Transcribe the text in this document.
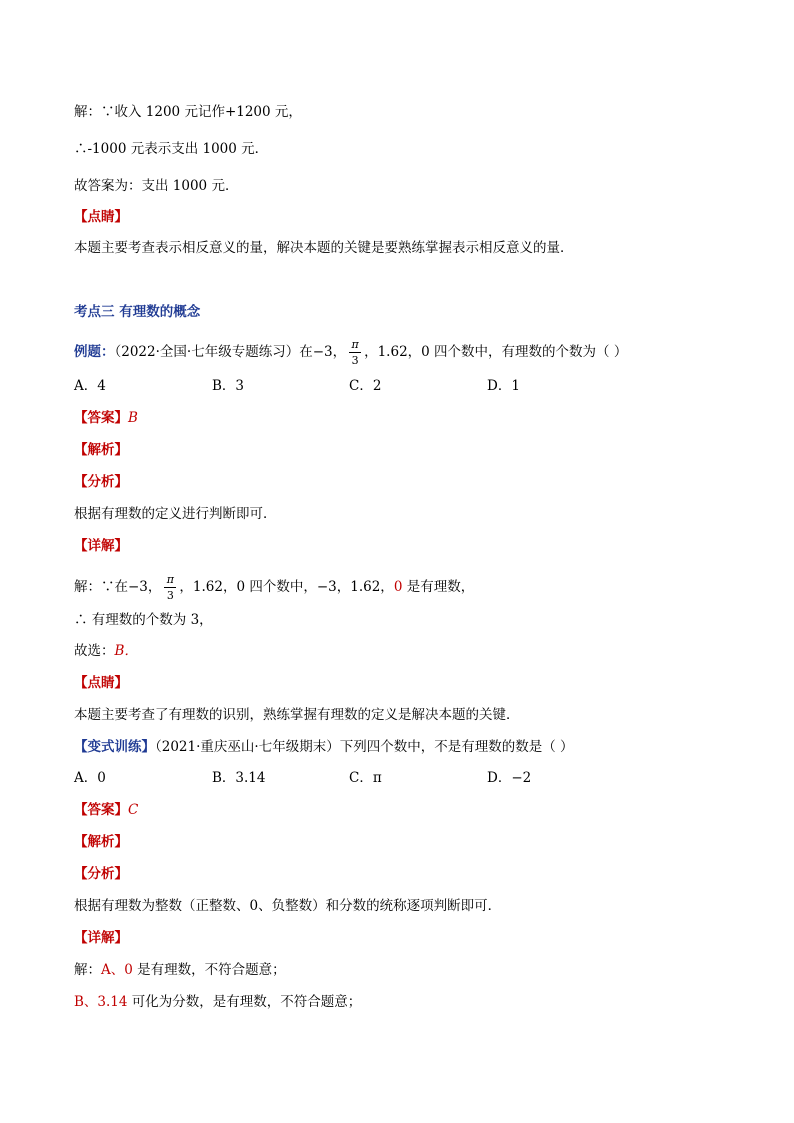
解：∵收入 1200 元记作+1200 元，
∴-1000 元表示支出 1000 元．
故答案为：支出 1000 元．
【点睛】
本题主要考查表示相反意义的量，解决本题的关键是要熟练掌握表示相反意义的量．
考点三 有理数的概念
例题：（2022·全国·七年级专题练习）在−3， $\frac{\pi}{3}$ ，1.62，0 四个数中，有理数的个数为（ ）
A．4	B．3	C．2	D．1
【答案】B
【解析】
【分析】
根据有理数的定义进行判断即可．
【详解】
解：∵在−3， $\frac{\pi}{3}$ ，1.62，0 四个数中，−3，1.62，0 是有理数，
∴ 有理数的个数为 3，
故选：B．
【点睛】
本题主要考查了有理数的识别，熟练掌握有理数的定义是解决本题的关键．
【变式训练】（2021·重庆巫山·七年级期末）下列四个数中，不是有理数的数是（ ）
A．0	B．3.14	C．π	D．−2
【答案】C
【解析】
【分析】
根据有理数为整数（正整数、0、负整数）和分数的统称逐项判断即可．
【详解】
解：A、0 是有理数，不符合题意；
B、3.14 可化为分数，是有理数，不符合题意；
